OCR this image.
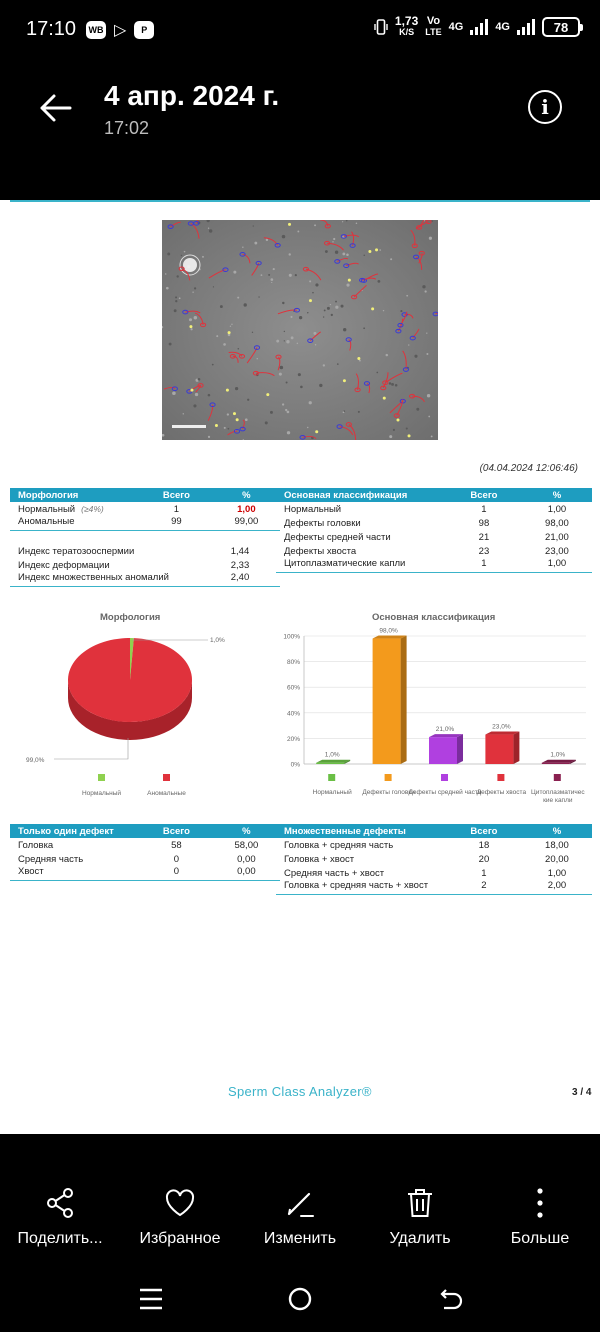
17:10 WB ▷	P
1,73
K/S
Vo
LTE 4G	4G	78
4 апр. 2024 г.
17:02
i
(04.04.2024 12:06:46)
Морфология	Всего	%
Нормальный (≥4%)	1	1,00
Аномальные	99	99,00
Индекс тератозооспермии	1,44
Индекс деформации	2,33
Индекс множественных аномалий	2,40
Основная классификация	Всего	%
Нормальный	1	1,00
Дефекты головки	98	98,00
Дефекты средней части	21	21,00
Дефекты хвоста	23	23,00
Цитоплазматические капли	1	1,00
Морфология
1,0%
99,0%
Нормальный	Аномальные
Основная классификация
0%
20%
40%
60%
80%
100%
1,0%
Нормальный
98,0%
Дефекты головки
21,0%
Дефекты средней части
23,0%
Дефекты хвоста
1,0%
Цитоплазматичес
кие капли
Только один дефект	Всего	%
Головка	58	58,00
Средняя часть	0	0,00
Хвост	0	0,00
Множественные дефекты	Всего	%
Головка + средняя часть	18	18,00
Головка + хвост	20	20,00
Средняя часть + хвост	1	1,00
Головка + средняя часть + хвост	2	2,00
Sperm Class Analyzer®	3 / 4
Поделить... Избранное	Изменить	Удалить	Больше
